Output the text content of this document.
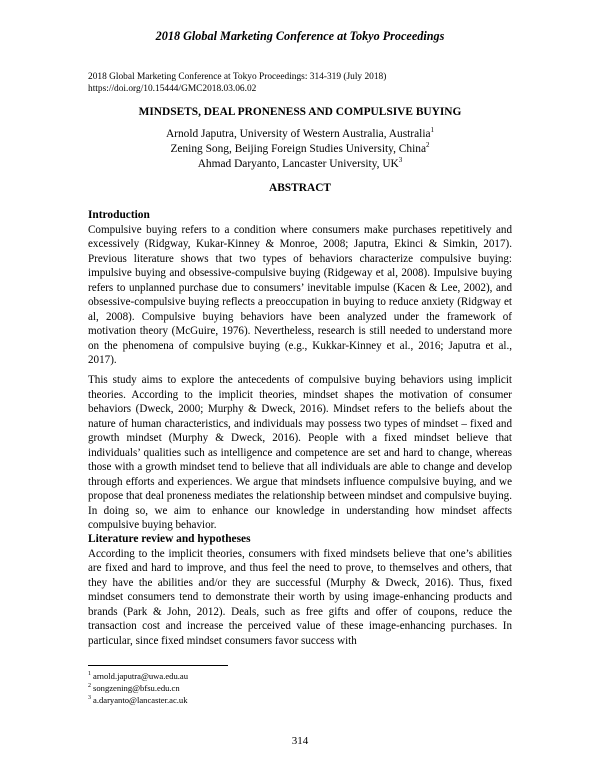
2018 Global Marketing Conference at Tokyo Proceedings
2018 Global Marketing Conference at Tokyo Proceedings: 314-319 (July 2018)
https://doi.org/10.15444/GMC2018.03.06.02
MINDSETS, DEAL PRONENESS AND COMPULSIVE BUYING
Arnold Japutra, University of Western Australia, Australia$^1$
Zening Song, Beijing Foreign Studies University, China$^2$
Ahmad Daryanto, Lancaster University, $UK^3$
ABSTRACT
Introduction

Compulsive buying refers to a condition where consumers make purchases repetitively and excessively (Ridgway, Kukar-Kinney & Monroe, 2008; Japutra, Ekinci & Simkin, 2017). Previous literature shows that two types of behaviors characterize compulsive buying: impulsive buying and obsessive-compulsive buying (Ridgeway et al, 2008). Impulsive buying refers to unplanned purchase due to consumers’ inevitable impulse (Kacen & Lee, 2002), and obsessive-compulsive buying reflects a preoccupation in buying to reduce anxiety (Ridgway et al, 2008). Compulsive buying behaviors have been analyzed under the framework of motivation theory (McGuire, 1976). Nevertheless, research is still needed to understand more on the phenomena of compulsive buying (e.g., Kukkar-Kinney et al., 2016; Japutra et al., 2017).

This study aims to explore the antecedents of compulsive buying behaviors using implicit theories. According to the implicit theories, mindset shapes the motivation of consumer behaviors (Dweck, 2000; Murphy & Dweck, 2016). Mindset refers to the beliefs about the nature of human characteristics, and individuals may possess two types of mindset – fixed and growth mindset (Murphy & Dweck, 2016). People with a fixed mindset believe that individuals’ qualities such as intelligence and competence are set and hard to change, whereas those with a growth mindset tend to believe that all individuals are able to change and develop through efforts and experiences. We argue that mindsets influence compulsive buying, and we propose that deal proneness mediates the relationship between mindset and compulsive buying. In doing so, we aim to enhance our knowledge in understanding how mindset affects compulsive buying behavior.

Literature review and hypotheses

According to the implicit theories, consumers with fixed mindsets believe that one’s abilities are fixed and hard to improve, and thus feel the need to prove, to themselves and others, that they have the abilities and/or they are successful (Murphy & Dweck, 2016). Thus, fixed mindset consumers tend to demonstrate their worth by using image-enhancing products and brands (Park & John, 2012). Deals, such as free gifts and offer of coupons, reduce the transaction cost and increase the perceived value of these image-enhancing purchases. In particular, since fixed mindset consumers favor success with

$^1$ arnold.japutra@uwa.edu.au
$^2$ songzening@bfsu.edu.cn
$^3$ a.daryanto@lancaster.ac.uk
314
